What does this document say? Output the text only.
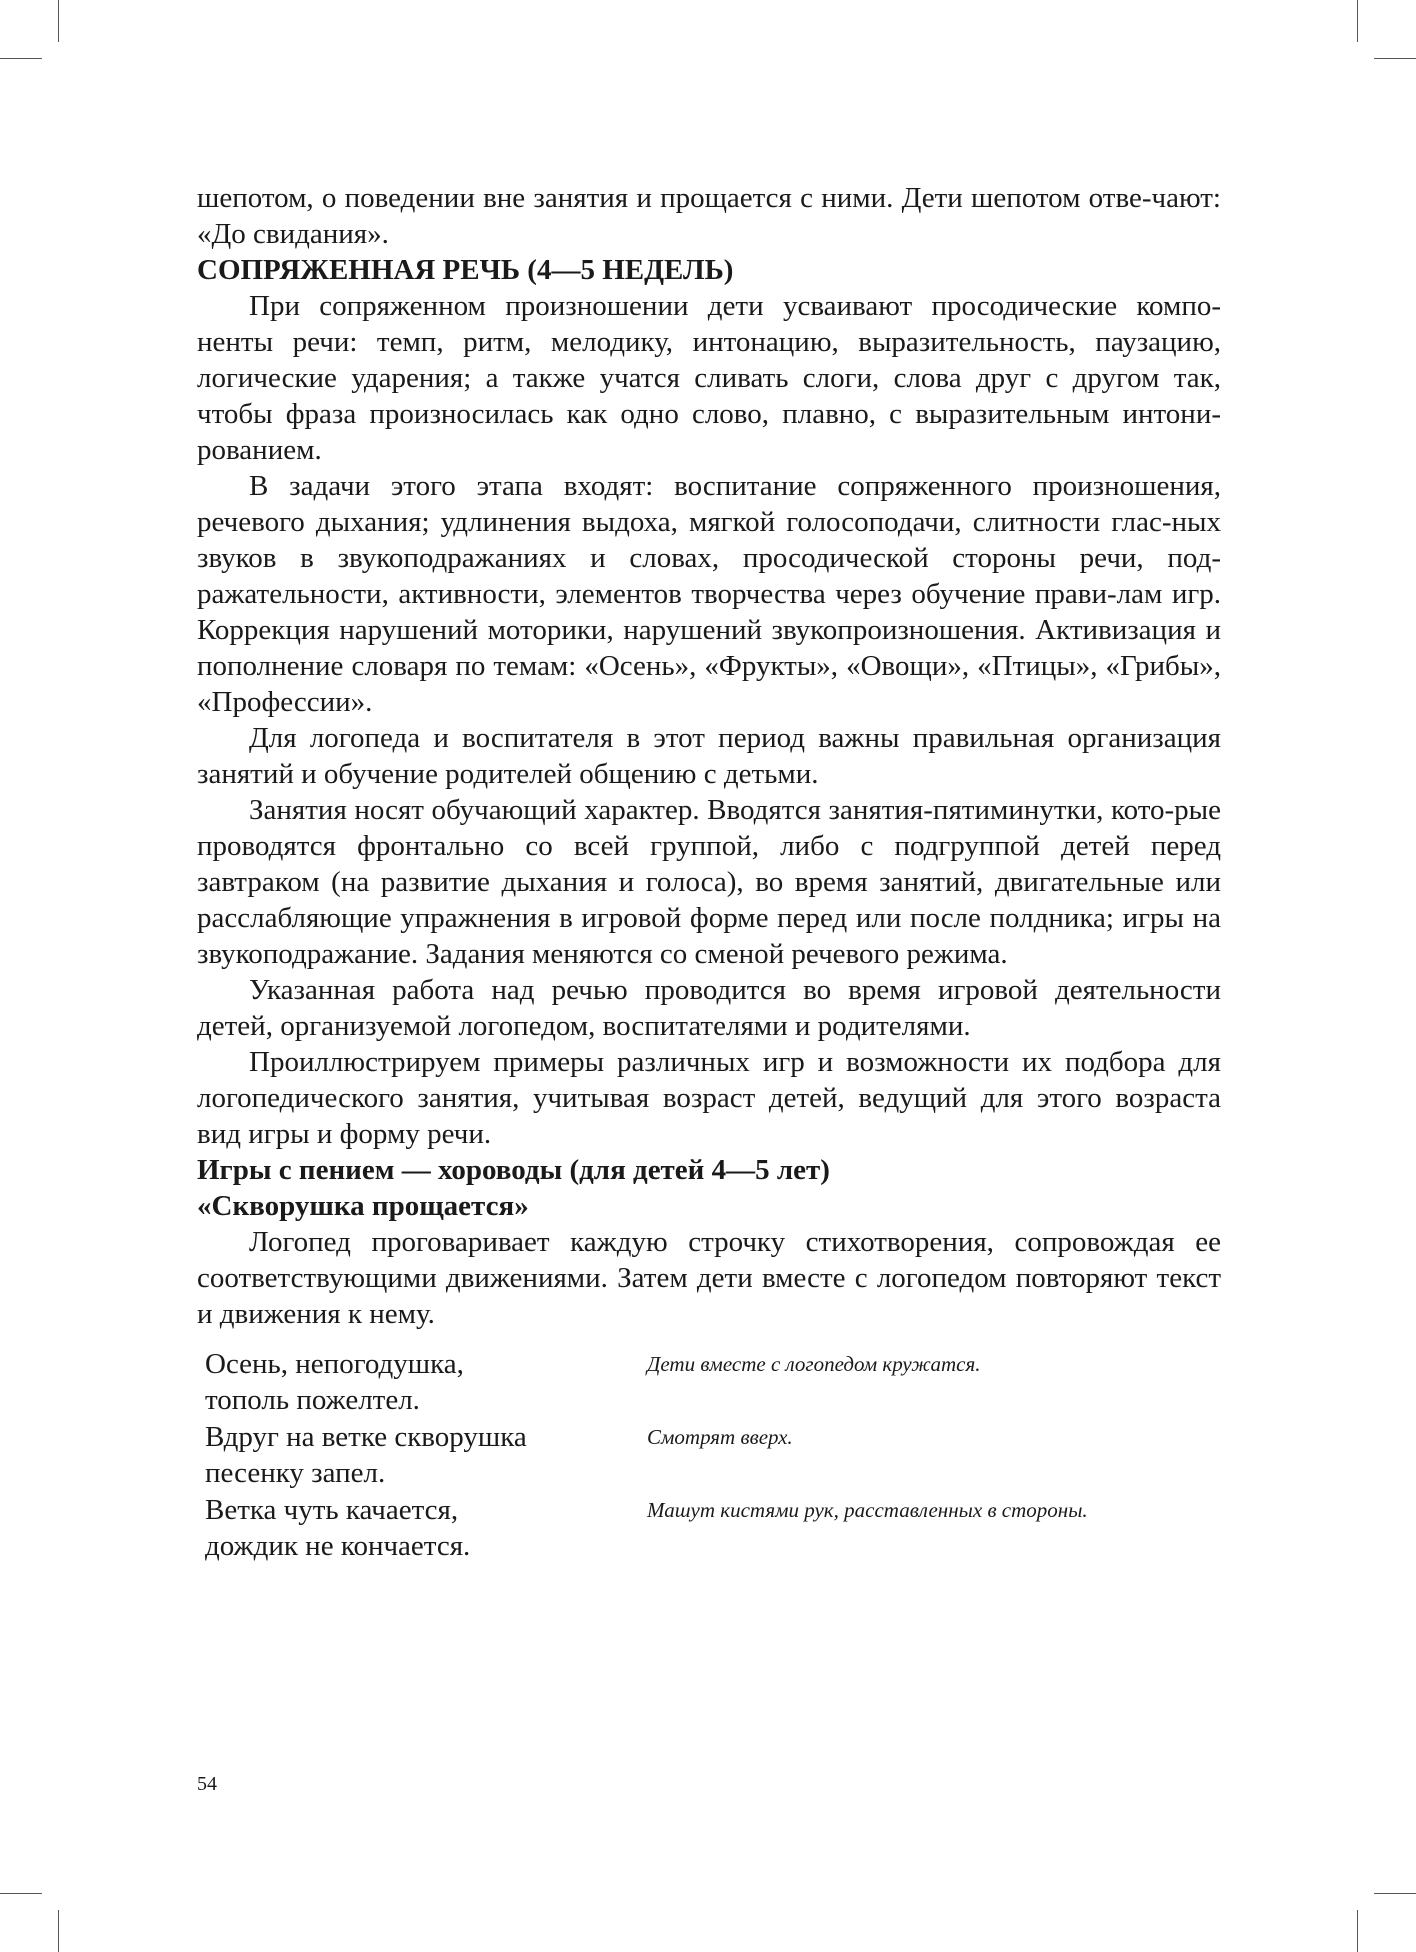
шепотом, о поведении вне занятия и прощается с ними. Дети шепотом отве-чают: «До свидания».

СОПРЯЖЕННАЯ РЕЧЬ (4—5 НЕДЕЛЬ)

При сопряженном произношении дети усваивают просодические компо-ненты речи: темп, ритм, мелодику, интонацию, выразительность, паузацию, логические ударения; а также учатся сливать слоги, слова друг с другом так, чтобы фраза произносилась как одно слово, плавно, с выразительным интони-рованием.

В задачи этого этапа входят: воспитание сопряженного произношения, речевого дыхания; удлинения выдоха, мягкой голосоподачи, слитности глас-ных звуков в звукоподражаниях и словах, просодической стороны речи, под-ражательности, активности, элементов творчества через обучение прави-лам игр. Коррекция нарушений моторики, нарушений звукопроизношения. Активизация и пополнение словаря по темам: «Осень», «Фрукты», «Овощи», «Птицы», «Грибы», «Профессии».

Для логопеда и воспитателя в этот период важны правильная организация занятий и обучение родителей общению с детьми.

Занятия носят обучающий характер. Вводятся занятия-пятиминутки, кото-рые проводятся фронтально со всей группой, либо с подгруппой детей перед завтраком (на развитие дыхания и голоса), во время занятий, двигательные или расслабляющие упражнения в игровой форме перед или после полдника; игры на звукоподражание. Задания меняются со сменой речевого режима.

Указанная работа над речью проводится во время игровой деятельности детей, организуемой логопедом, воспитателями и родителями.

Проиллюстрируем примеры различных игр и возможности их подбора для логопедического занятия, учитывая возраст детей, ведущий для этого возраста вид игры и форму речи.

Игры с пением — хороводы (для детей 4—5 лет)

«Скворушка прощается»

Логопед проговаривает каждую строчку стихотворения, сопровождая ее соответствующими движениями. Затем дети вместе с логопедом повторяют текст и движения к нему.

Осень, непогодушка,
тополь пожелтел.
Дети вместе с логопедом кружатся.
Вдруг на ветке скворушка
песенку запел.
Смотрят вверх.
Ветка чуть качается,
дождик не кончается.
Машут кистями рук, расставленных в стороны.
54
